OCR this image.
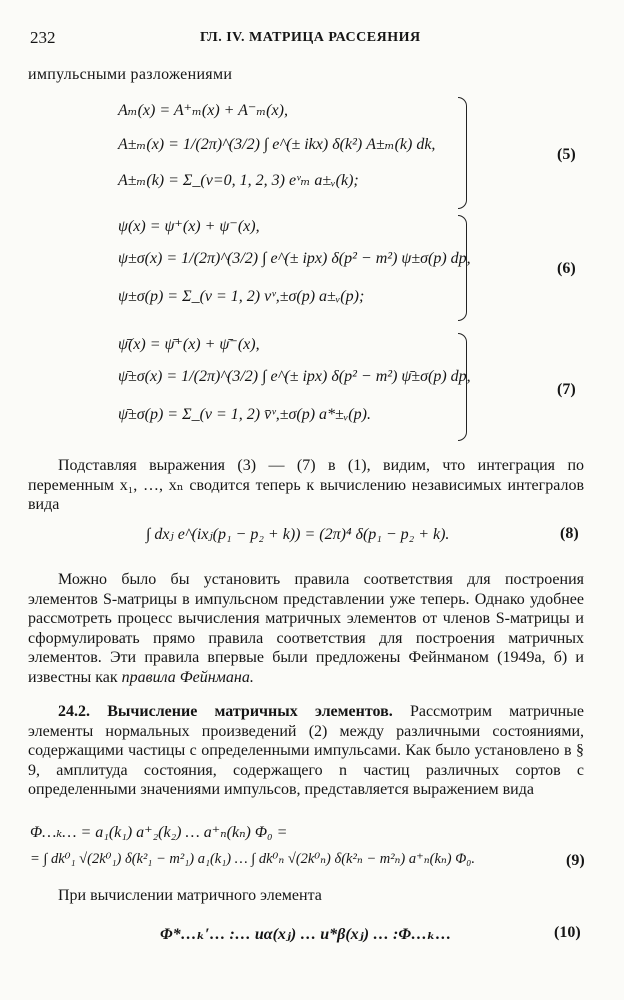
232	ГЛ. IV. МАТРИЦА РАССЕЯНИЯ
импульсными разложениями
Aₘ(x) = A⁺ₘ(x) + A⁻ₘ(x),
A±ₘ(x) = 1/(2π)^(3/2) ∫ e^(± ikx) δ(k²) A±ₘ(k) dk,
A±ₘ(k) = Σ_(ν=0, 1, 2, 3) eᵛₘ a±ᵥ(k);
(5)
ψ(x) = ψ⁺(x) + ψ⁻(x),
ψ±σ(x) = 1/(2π)^(3/2) ∫ e^(± ipx) δ(p² − m²) ψ±σ(p) dp,
ψ±σ(p) = Σ_(ν = 1, 2) vᵛ,±σ(p) a±ᵥ(p);
(6)
ψ̄(x) = ψ̄⁺(x) + ψ̄⁻(x),
ψ̄±σ(x) = 1/(2π)^(3/2) ∫ e^(± ipx) δ(p² − m²) ψ̄±σ(p) dp,
ψ̄±σ(p) = Σ_(ν = 1, 2) v̄ᵛ,±σ(p) a*±ᵥ(p).
(7)
Подставляя выражения (3) — (7) в (1), видим, что интеграция по переменным x₁, …, xₙ сводится теперь к вычислению независимых интегралов вида
∫ dxⱼ e^(ixⱼ(p₁ − p₂ + k)) = (2π)⁴ δ(p₁ − p₂ + k).	(8)
Можно было бы установить правила соответствия для построения элементов S-матрицы в импульсном представлении уже теперь. Однако удобнее рассмотреть процесс вычисления матричных элементов от членов S-матрицы и сформулировать прямо правила соответствия для построения матричных элементов. Эти правила впервые были предложены Фейнманом (1949а, б) и известны как правила Фейнмана.
24.2. Вычисление матричных элементов. Рассмотрим матричные элементы нормальных произведений (2) между различными состояниями, содержащими частицы с определенными импульсами. Как было установлено в § 9, амплитуда состояния, содержащего n частиц различных сортов с определенными значениями импульсов, представляется выражением вида
Φ…ₖ… = a₁(k₁) a⁺₂(k₂) … a⁺ₙ(kₙ) Φ₀ =
= ∫ dk⁰₁ √(2k⁰₁) δ(k²₁ − m²₁) a₁(k₁) … ∫ dk⁰ₙ √(2k⁰ₙ) δ(k²ₙ − m²ₙ) a⁺ₙ(kₙ) Φ₀.	(9)
При вычислении матричного элемента
Φ*…ₖ′… :… uα(xⱼ) … u*β(xⱼ) … :Φ…ₖ…	(10)
